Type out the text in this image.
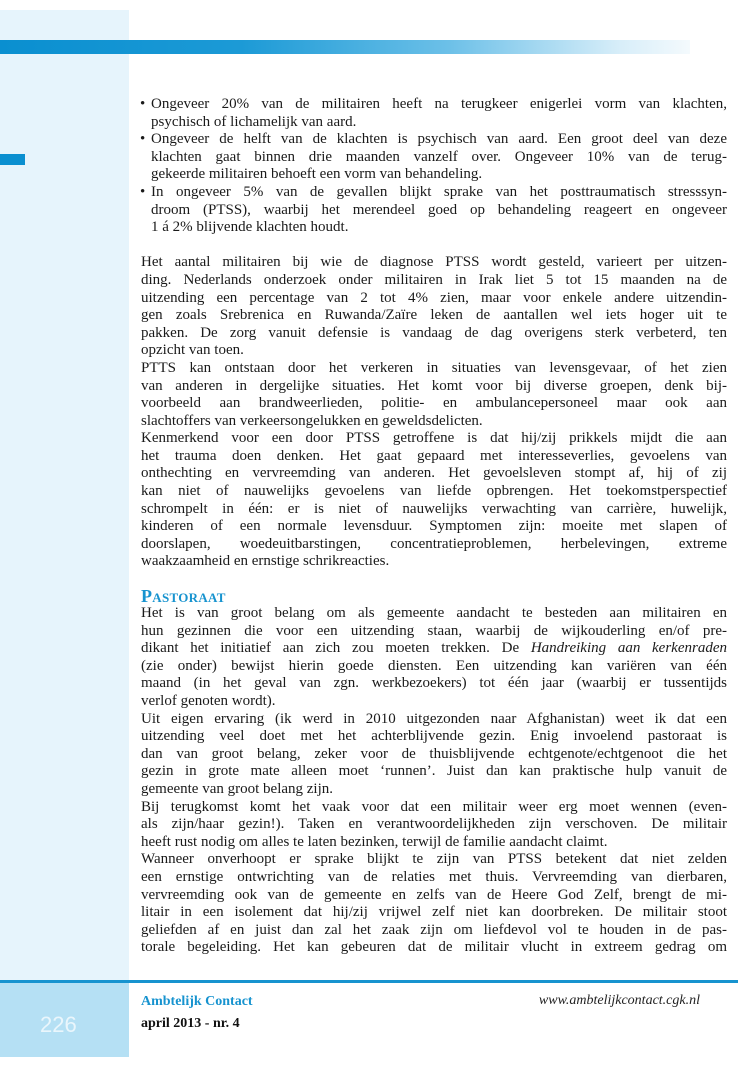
• Ongeveer 20% van de militairen heeft na terugkeer enigerlei vorm van klachten,
psychisch of lichamelijk van aard.
• Ongeveer de helft van de klachten is psychisch van aard. Een groot deel van deze
klachten gaat binnen drie maanden vanzelf over. Ongeveer 10% van de terug-
gekeerde militairen behoeft een vorm van behandeling.
• In ongeveer 5% van de gevallen blijkt sprake van het posttraumatisch stresssyn-
droom (PTSS), waarbij het merendeel goed op behandeling reageert en ongeveer
1 á 2% blijvende klachten houdt.
Het aantal militairen bij wie de diagnose PTSS wordt gesteld, varieert per uitzen-
ding. Nederlands onderzoek onder militairen in Irak liet 5 tot 15 maanden na de
uitzending een percentage van 2 tot 4% zien, maar voor enkele andere uitzendin-
gen zoals Srebrenica en Ruwanda/Zaïre leken de aantallen wel iets hoger uit te
pakken. De zorg vanuit defensie is vandaag de dag overigens sterk verbeterd, ten
opzicht van toen.
PTTS kan ontstaan door het verkeren in situaties van levensgevaar, of het zien
van anderen in dergelijke situaties. Het komt voor bij diverse groepen, denk bij-
voorbeeld aan brandweerlieden, politie- en ambulancepersoneel maar ook aan
slachtoffers van verkeersongelukken en geweldsdelicten.
Kenmerkend voor een door PTSS getroffene is dat hij/zij prikkels mijdt die aan
het trauma doen denken. Het gaat gepaard met interesseverlies, gevoelens van
onthechting en vervreemding van anderen. Het gevoelsleven stompt af, hij of zij
kan niet of nauwelijks gevoelens van liefde opbrengen. Het toekomstperspectief
schrompelt in één: er is niet of nauwelijks verwachting van carrière, huwelijk,
kinderen of een normale levensduur. Symptomen zijn: moeite met slapen of
doorslapen, woedeuitbarstingen, concentratieproblemen, herbelevingen, extreme
waakzaamheid en ernstige schrikreacties.
Pastoraat
Het is van groot belang om als gemeente aandacht te besteden aan militairen en
hun gezinnen die voor een uitzending staan, waarbij de wijkouderling en/of pre-
dikant het initiatief aan zich zou moeten trekken. De Handreiking aan kerkenraden
(zie onder) bewijst hierin goede diensten. Een uitzending kan variëren van één
maand (in het geval van zgn. werkbezoekers) tot één jaar (waarbij er tussentijds
verlof genoten wordt).
Uit eigen ervaring (ik werd in 2010 uitgezonden naar Afghanistan) weet ik dat een
uitzending veel doet met het achterblijvende gezin. Enig invoelend pastoraat is
dan van groot belang, zeker voor de thuisblijvende echtgenote/echtgenoot die het
gezin in grote mate alleen moet ‘runnen’. Juist dan kan praktische hulp vanuit de
gemeente van groot belang zijn.
Bij terugkomst komt het vaak voor dat een militair weer erg moet wennen (even-
als zijn/haar gezin!). Taken en verantwoordelijkheden zijn verschoven. De militair
heeft rust nodig om alles te laten bezinken, terwijl de familie aandacht claimt.
Wanneer onverhoopt er sprake blijkt te zijn van PTSS betekent dat niet zelden
een ernstige ontwrichting van de relaties met thuis. Vervreemding van dierbaren,
vervreemding ook van de gemeente en zelfs van de Heere God Zelf, brengt de mi-
litair in een isolement dat hij/zij vrijwel zelf niet kan doorbreken. De militair stoot
geliefden af en juist dan zal het zaak zijn om liefdevol vol te houden in de pas-
torale begeleiding. Het kan gebeuren dat de militair vlucht in extreem gedrag om
226
Ambtelijk Contact
april 2013 - nr. 4
www.ambtelijkcontact.cgk.nl
